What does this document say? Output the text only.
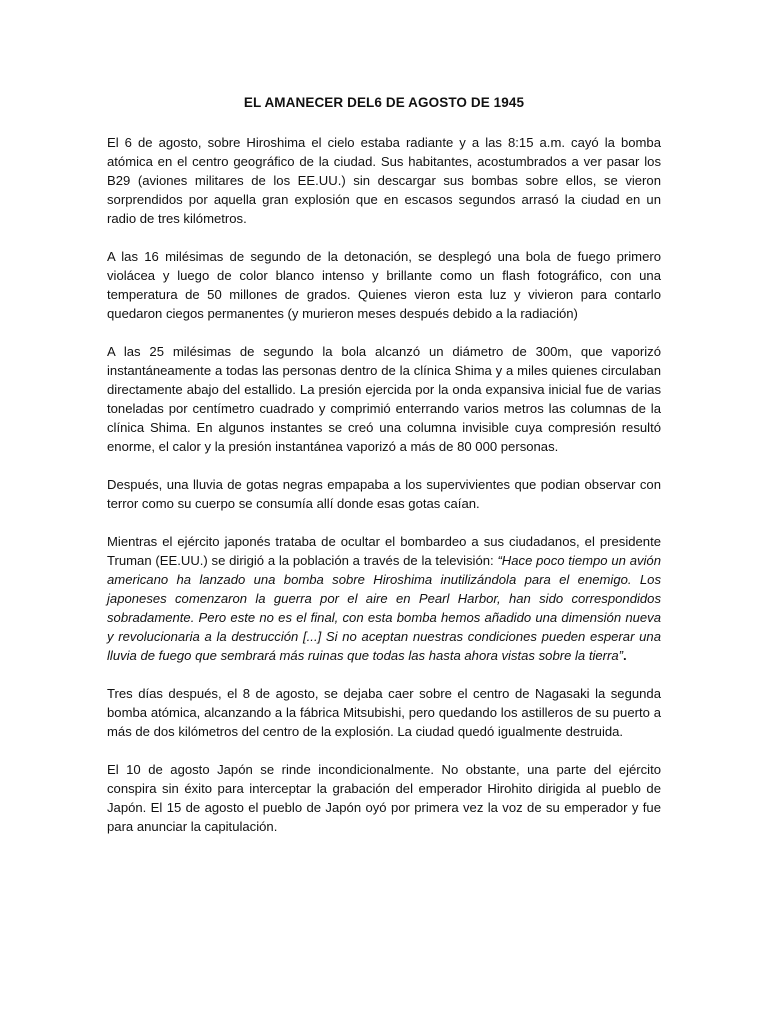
EL AMANECER DEL6 DE AGOSTO DE 1945

El 6 de agosto, sobre Hiroshima el cielo estaba radiante y a las 8:15 a.m. cayó la bomba atómica en el centro geográfico de la ciudad. Sus habitantes, acostumbrados a ver pasar los B29 (aviones militares de los EE.UU.) sin descargar sus bombas sobre ellos, se vieron sorprendidos por aquella gran explosión que en escasos segundos arrasó la ciudad en un radio de tres kilómetros.

A las 16 milésimas de segundo de la detonación, se desplegó una bola de fuego primero violácea y luego de color blanco intenso y brillante como un flash fotográfico, con una temperatura de 50 millones de grados. Quienes vieron esta luz y vivieron para contarlo quedaron ciegos permanentes (y murieron meses después debido a la radiación)

A las 25 milésimas de segundo la bola alcanzó un diámetro de 300m, que vaporizó instantáneamente a todas las personas dentro de la clínica Shima y a miles quienes circulaban directamente abajo del estallido. La presión ejercida por la onda expansiva inicial fue de varias toneladas por centímetro cuadrado y comprimió enterrando varios metros las columnas de la clínica Shima. En algunos instantes se creó una columna invisible cuya compresión resultó enorme, el calor y la presión instantánea vaporizó a más de 80 000 personas.

Después, una lluvia de gotas negras empapaba a los supervivientes que podian observar con terror como su cuerpo se consumía allí donde esas gotas caían.

Mientras el ejército japonés trataba de ocultar el bombardeo a sus ciudadanos, el presidente Truman (EE.UU.) se dirigió a la población a través de la televisión: “Hace poco tiempo un avión americano ha lanzado una bomba sobre Hiroshima inutilizándola para el enemigo. Los japoneses comenzaron la guerra por el aire en Pearl Harbor, han sido correspondidos sobradamente. Pero este no es el final, con esta bomba hemos añadido una dimensión nueva y revolucionaria a la destrucción [...] Si no aceptan nuestras condiciones pueden esperar una lluvia de fuego que sembrará más ruinas que todas las hasta ahora vistas sobre la tierra”.

Tres días después, el 8 de agosto, se dejaba caer sobre el centro de Nagasaki la segunda bomba atómica, alcanzando a la fábrica Mitsubishi, pero quedando los astilleros de su puerto a más de dos kilómetros del centro de la explosión. La ciudad quedó igualmente destruida.

El 10 de agosto Japón se rinde incondicionalmente. No obstante, una parte del ejército conspira sin éxito para interceptar la grabación del emperador Hirohito dirigida al pueblo de Japón. El 15 de agosto el pueblo de Japón oyó por primera vez la voz de su emperador y fue para anunciar la capitulación.
